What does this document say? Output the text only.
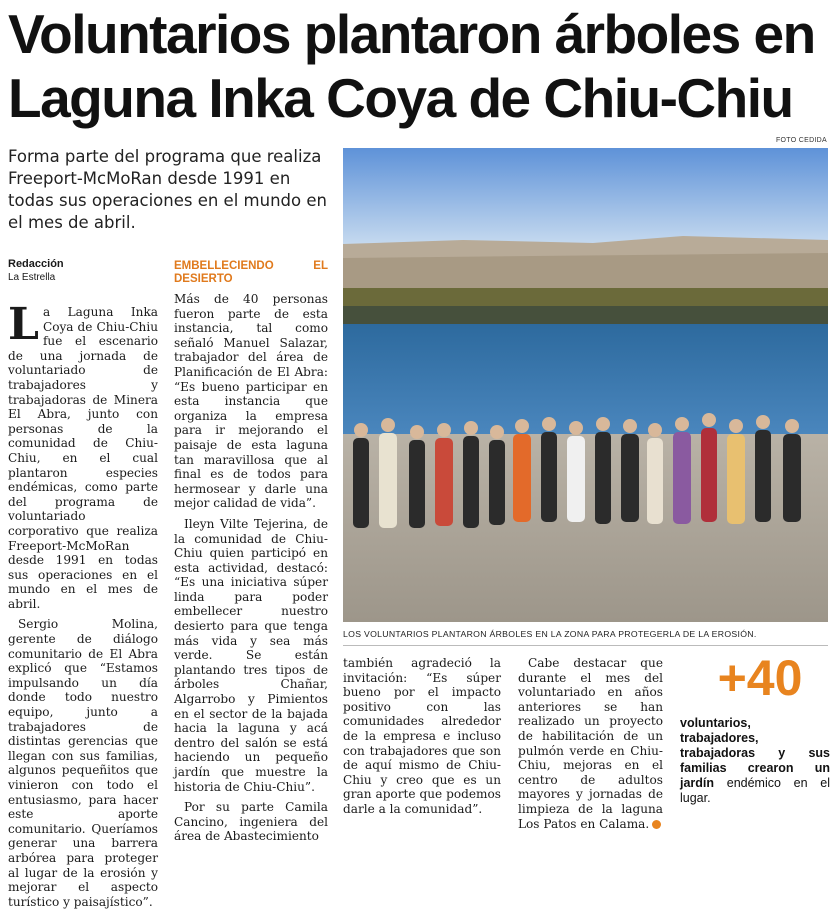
Voluntarios plantaron árboles en Laguna Inka Coya de Chiu-Chiu
FOTO CEDIDA

Forma parte del programa que realiza Freeport-McMoRan desde 1991 en todas sus operaciones en el mundo en el mes de abril.

Redacción
La Estrella

La Laguna Inka Coya de Chiu-Chiu fue el escenario de una jornada de voluntariado de trabajadores y trabajadoras de Minera El Abra, junto con personas de la comunidad de Chiu-Chiu, en el cual plantaron especies endémicas, como parte del programa de voluntariado corporativo que realiza Freeport-McMoRan desde 1991 en todas sus operaciones en el mundo en el mes de abril.

Sergio Molina, gerente de diálogo comunitario de El Abra explicó que “Estamos impulsando un día donde todo nuestro equipo, junto a trabajadores de distintas gerencias que llegan con sus familias, algunos pequeñitos que vinieron con todo el entusiasmo, para hacer este aporte comunitario. Queríamos generar una barrera arbórea para proteger al lugar de la erosión y mejorar el aspecto turístico y paisajístico”.

EMBELLECIENDO EL DESIERTO

Más de 40 personas fueron parte de esta instancia, tal como señaló Manuel Salazar, trabajador del área de Planificación de El Abra: “Es bueno participar en esta instancia que organiza la empresa para ir mejorando el paisaje de esta laguna tan maravillosa que al final es de todos para hermosear y darle una mejor calidad de vida”.

Ileyn Vilte Tejerina, de la comunidad de Chiu-Chiu quien participó en esta actividad, destacó: “Es una iniciativa súper linda para poder embellecer nuestro desierto para que tenga más vida y sea más verde. Se están plantando tres tipos de árboles Chañar, Algarrobo y Pimientos en el sector de la bajada hacia la laguna y acá dentro del salón se está haciendo un pequeño jardín que muestre la historia de Chiu-Chiu”.

Por su parte Camila Cancino, ingeniera del área de Abastecimiento

LOS VOLUNTARIOS PLANTARON ÁRBOLES EN LA ZONA PARA PROTEGERLA DE LA EROSIÓN.

también agradeció la invitación: “Es súper bueno por el impacto positivo con las comunidades alrededor de la empresa e incluso con trabajadores que son de aquí mismo de Chiu-Chiu y creo que es un gran aporte que podemos darle a la comunidad”.

Cabe destacar que durante el mes del voluntariado en años anteriores se han realizado un proyecto de habilitación de un pulmón verde en Chiu-Chiu, mejoras en el centro de adultos mayores y jornadas de limpieza de la laguna Los Patos en Calama.

+40
voluntarios, trabajadores, trabajadoras y sus familias crearon un jardín endémico en el lugar.
